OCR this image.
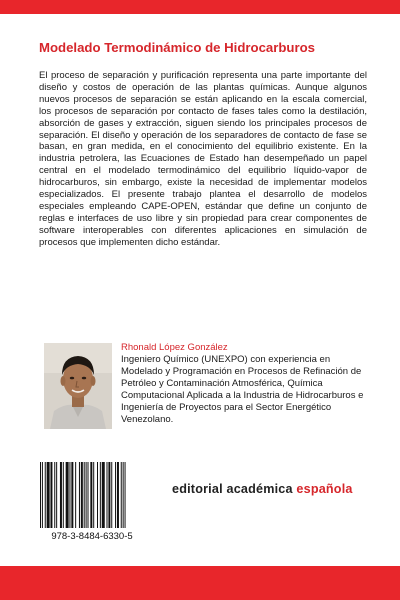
Modelado Termodinámico de Hidrocarburos

El proceso de separación y purificación representa una parte importante del diseño y costos de operación de las plantas químicas. Aunque algunos nuevos procesos de separación se están aplicando en la escala comercial, los procesos de separación por contacto de fases tales como la destilación, absorción de gases y extracción, siguen siendo los principales procesos de separación. El diseño y operación de los separadores de contacto de fase se basan, en gran medida, en el conocimiento del equilibrio existente. En la industria petrolera, las Ecuaciones de Estado han desempeñado un papel central en el modelado termodinámico del equilibrio líquido-vapor de hidrocarburos, sin embargo, existe la necesidad de implementar modelos especializados. El presente trabajo plantea el desarrollo de modelos especiales empleando CAPE-OPEN, estándar que define un conjunto de reglas e interfaces de uso libre y sin propiedad para crear componentes de software interoperables con diferentes aplicaciones en simulación de procesos que implementen dicho estándar.

Rhonald López González

Ingeniero Químico (UNEXPO) con experiencia en Modelado y Programación en Procesos de Refinación de Petróleo y Contaminación Atmosférica, Química Computacional Aplicada a la Industria de Hidrocarburos e Ingeniería de Proyectos para el Sector Energético Venezolano.

978-3-8484-6330-5
editorial académica española
